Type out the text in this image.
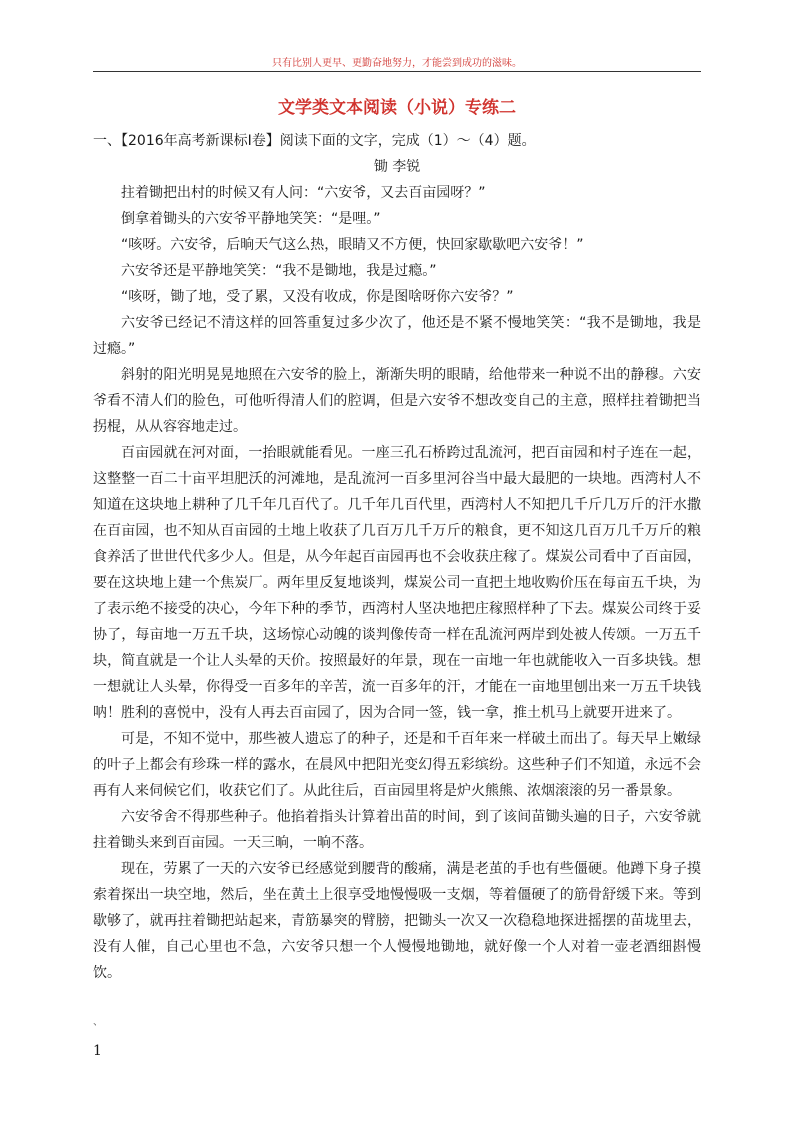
只有比别人更早、更勤奋地努力，才能尝到成功的滋味。
文学类文本阅读（小说）专练二

一、【2016年高考新课标Ⅰ卷】阅读下面的文字，完成（1）～（4）题。

锄 李锐

拄着锄把出村的时候又有人问：“六安爷，又去百亩园呀？”

倒拿着锄头的六安爷平静地笑笑：“是哩。”

“咳呀。六安爷，后晌天气这么热，眼睛又不方便，快回家歇歇吧六安爷！”

六安爷还是平静地笑笑：“我不是锄地，我是过瘾。”

“咳呀，锄了地，受了累，又没有收成，你是图啥呀你六安爷？”

六安爷已经记不清这样的回答重复过多少次了，他还是不紧不慢地笑笑：“我不是锄地，我是过瘾。”

斜射的阳光明晃晃地照在六安爷的脸上，渐渐失明的眼睛，给他带来一种说不出的静穆。六安爷看不清人们的脸色，可他听得清人们的腔调，但是六安爷不想改变自己的主意，照样拄着锄把当拐棍，从从容容地走过。

百亩园就在河对面，一抬眼就能看见。一座三孔石桥跨过乱流河，把百亩园和村子连在一起，这整整一百二十亩平坦肥沃的河滩地，是乱流河一百多里河谷当中最大最肥的一块地。西湾村人不知道在这块地上耕种了几千年几百代了。几千年几百代里，西湾村人不知把几千斤几万斤的汗水撒在百亩园，也不知从百亩园的土地上收获了几百万几千万斤的粮食，更不知这几百万几千万斤的粮食养活了世世代代多少人。但是，从今年起百亩园再也不会收获庄稼了。煤炭公司看中了百亩园，要在这块地上建一个焦炭厂。两年里反复地谈判，煤炭公司一直把土地收购价压在每亩五千块，为了表示绝不接受的决心，今年下种的季节，西湾村人坚决地把庄稼照样种了下去。煤炭公司终于妥协了，每亩地一万五千块，这场惊心动魄的谈判像传奇一样在乱流河两岸到处被人传颂。一万五千块，简直就是一个让人头晕的天价。按照最好的年景，现在一亩地一年也就能收入一百多块钱。想一想就让人头晕，你得受一百多年的辛苦，流一百多年的汗，才能在一亩地里刨出来一万五千块钱呐！胜利的喜悦中，没有人再去百亩园了，因为合同一签，钱一拿，推土机马上就要开进来了。

可是，不知不觉中，那些被人遗忘了的种子，还是和千百年来一样破土而出了。每天早上嫩绿的叶子上都会有珍珠一样的露水，在晨风中把阳光变幻得五彩缤纷。这些种子们不知道，永远不会再有人来伺候它们，收获它们了。从此往后，百亩园里将是炉火熊熊、浓烟滚滚的另一番景象。

六安爷舍不得那些种子。他掐着指头计算着出苗的时间，到了该间苗锄头遍的日子，六安爷就拄着锄头来到百亩园。一天三晌，一晌不落。

现在，劳累了一天的六安爷已经感觉到腰背的酸痛，满是老茧的手也有些僵硬。他蹲下身子摸索着探出一块空地，然后，坐在黄土上很享受地慢慢吸一支烟，等着僵硬了的筋骨舒缓下来。等到歇够了，就再拄着锄把站起来，青筋暴突的臂膀，把锄头一次又一次稳稳地探进摇摆的苗垅里去，没有人催，自己心里也不急，六安爷只想一个人慢慢地锄地，就好像一个人对着一壶老酒细斟慢饮。

、
1
